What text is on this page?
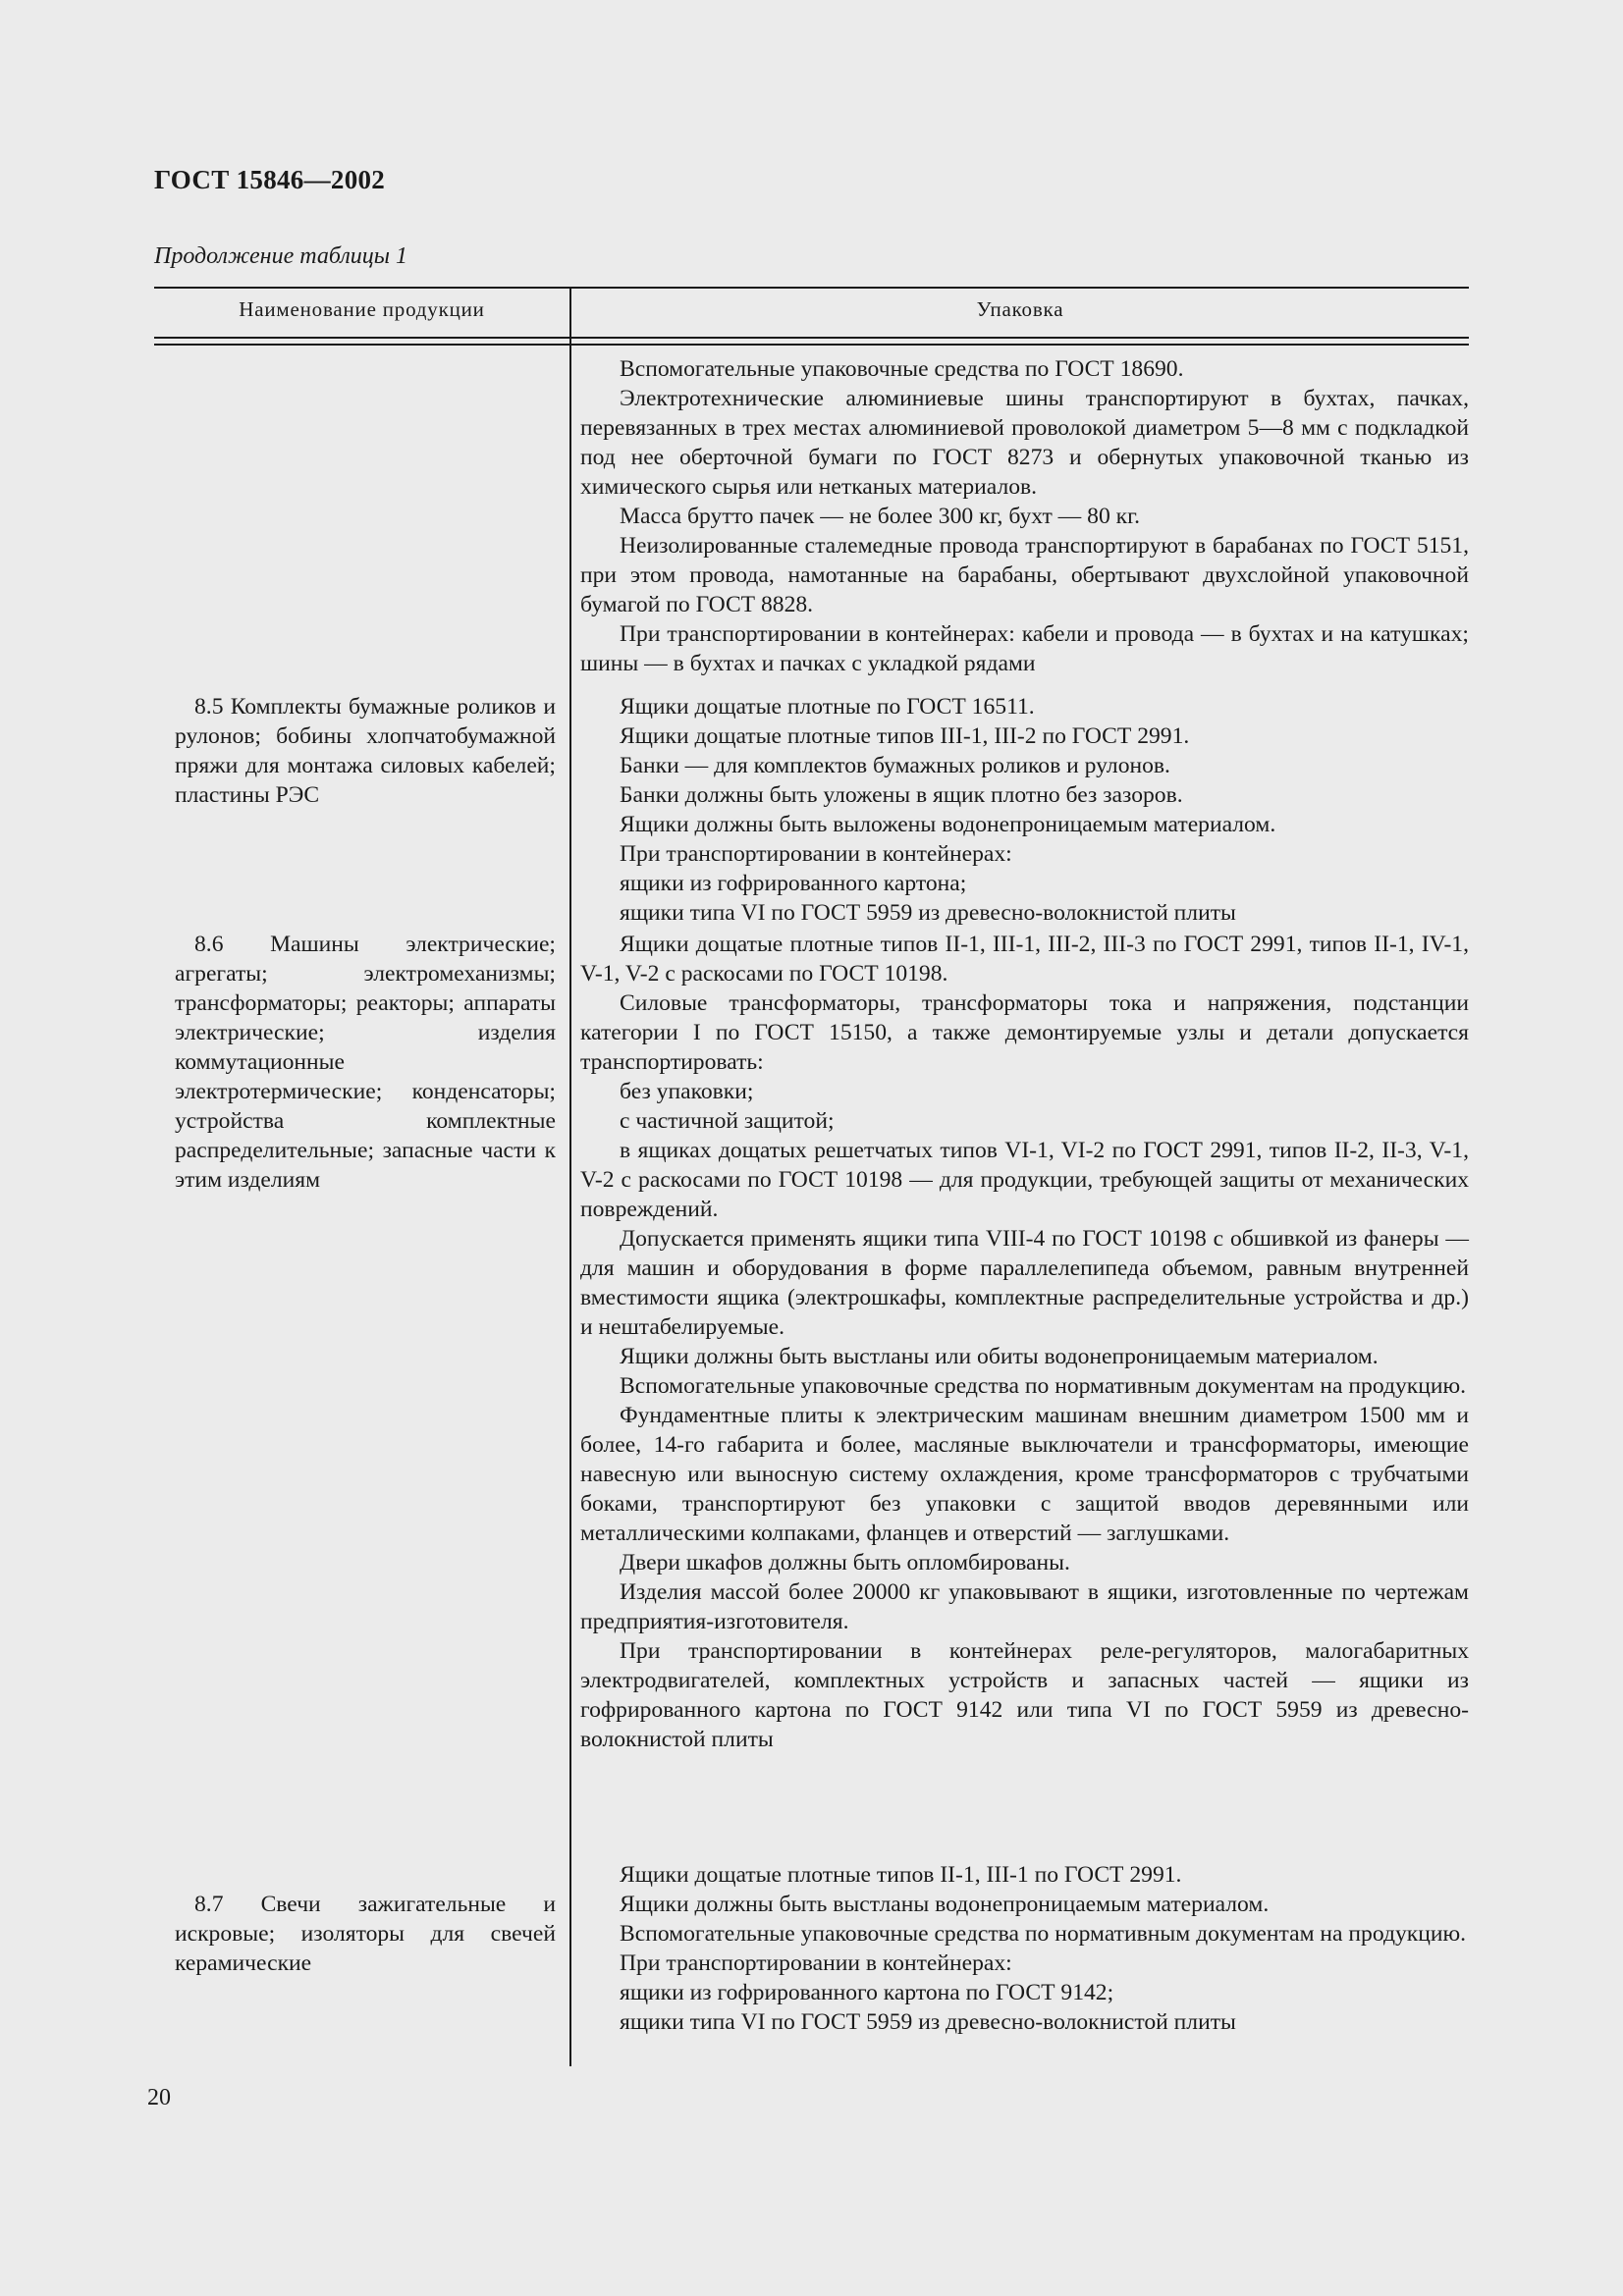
ГОСТ 15846—2002
Продолжение таблицы 1
Наименование продукции	Упаковка

Вспомогательные упаковочные средства по ГОСТ 18690.

Электротехнические алюминиевые шины транспортируют в бухтах, пачках, перевязанных в трех местах алюминиевой проволокой диаметром 5—8 мм с подкладкой под нее оберточной бумаги по ГОСТ 8273 и обернутых упаковочной тканью из химического сырья или нетканых материалов.

Масса брутто пачек — не более 300 кг, бухт — 80 кг.

Неизолированные сталемедные провода транспортируют в барабанах по ГОСТ 5151, при этом провода, намотанные на барабаны, обертывают двухслойной упаковочной бумагой по ГОСТ 8828.

При транспортировании в контейнерах: кабели и провода — в бухтах и на катушках; шины — в бухтах и пачках с укладкой рядами

8.5 Комплекты бумажные роликов и рулонов; бобины хлопчатобумажной пряжи для монтажа силовых кабелей; пластины РЭС

Ящики дощатые плотные по ГОСТ 16511.

Ящики дощатые плотные типов III-1, III-2 по ГОСТ 2991.

Банки — для комплектов бумажных роликов и рулонов.

Банки должны быть уложены в ящик плотно без зазоров.

Ящики должны быть выложены водонепроницаемым материалом.

При транспортировании в контейнерах:

ящики из гофрированного картона;

ящики типа VI по ГОСТ 5959 из древесно-волокнистой плиты

8.6 Машины электрические; агрегаты; электромеханизмы; трансформаторы; реакторы; аппараты электрические; изделия коммутационные электротермические; конденсаторы; устройства комплектные распределительные; запасные части к этим изделиям

Ящики дощатые плотные типов II-1, III-1, III-2, III-3 по ГОСТ 2991, типов II-1, IV-1, V-1, V-2 с раскосами по ГОСТ 10198.

Силовые трансформаторы, трансформаторы тока и напряжения, подстанции категории I по ГОСТ 15150, а также демонтируемые узлы и детали допускается транспортировать:

без упаковки;

с частичной защитой;

в ящиках дощатых решетчатых типов VI-1, VI-2 по ГОСТ 2991, типов II-2, II-3, V-1, V-2 с раскосами по ГОСТ 10198 — для продукции, требующей защиты от механических повреждений.

Допускается применять ящики типа VIII-4 по ГОСТ 10198 с обшивкой из фанеры — для машин и оборудования в форме параллелепипеда объемом, равным внутренней вместимости ящика (электрошкафы, комплектные распределительные устройства и др.) и нештабелируемые.

Ящики должны быть выстланы или обиты водонепроницаемым материалом.

Вспомогательные упаковочные средства по нормативным документам на продукцию.

Фундаментные плиты к электрическим машинам внешним диаметром 1500 мм и более, 14-го габарита и более, масляные выключатели и трансформаторы, имеющие навесную или выносную систему охлаждения, кроме трансформаторов с трубчатыми боками, транспортируют без упаковки с защитой вводов деревянными или металлическими колпаками, фланцев и отверстий — заглушками.

Двери шкафов должны быть опломбированы.

Изделия массой более 20000 кг упаковывают в ящики, изготовленные по чертежам предприятия-изготовителя.

При транспортировании в контейнерах реле-регуляторов, малогабаритных электродвигателей, комплектных устройств и запасных частей — ящики из гофрированного картона по ГОСТ 9142 или типа VI по ГОСТ 5959 из древесно-волокнистой плиты

8.7 Свечи зажигательные и искровые; изоляторы для свечей керамические

Ящики дощатые плотные типов II-1, III-1 по ГОСТ 2991.

Ящики должны быть выстланы водонепроницаемым материалом.

Вспомогательные упаковочные средства по нормативным документам на продукцию.

При транспортировании в контейнерах:

ящики из гофрированного картона по ГОСТ 9142;

ящики типа VI по ГОСТ 5959 из древесно-волокнистой плиты

20
